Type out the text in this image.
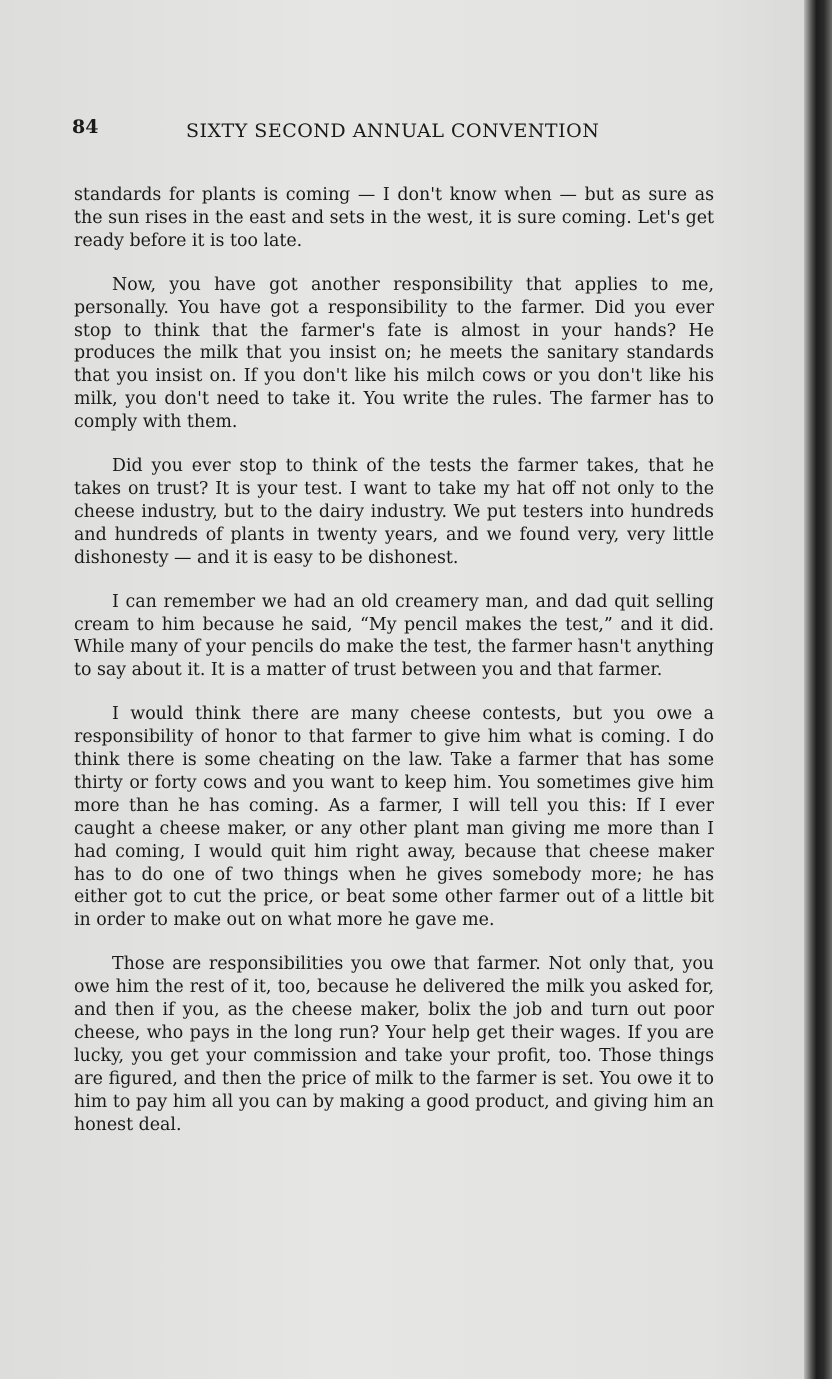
84	SIXTY SECOND ANNUAL CONVENTION

standards for plants is coming — I don't know when — but as sure as the sun rises in the east and sets in the west, it is sure coming. Let's get ready before it is too late.

Now, you have got another responsibility that applies to me, personally. You have got a responsibility to the farmer. Did you ever stop to think that the farmer's fate is almost in your hands? He produces the milk that you insist on; he meets the sanitary standards that you insist on. If you don't like his milch cows or you don't like his milk, you don't need to take it. You write the rules. The farmer has to comply with them.

Did you ever stop to think of the tests the farmer takes, that he takes on trust? It is your test. I want to take my hat off not only to the cheese industry, but to the dairy industry. We put testers into hundreds and hundreds of plants in twenty years, and we found very, very little dishonesty — and it is easy to be dishonest.

I can remember we had an old creamery man, and dad quit selling cream to him because he said, “My pencil makes the test,” and it did. While many of your pencils do make the test, the farmer hasn't anything to say about it. It is a matter of trust between you and that farmer.

I would think there are many cheese contests, but you owe a responsibility of honor to that farmer to give him what is coming. I do think there is some cheating on the law. Take a farmer that has some thirty or forty cows and you want to keep him. You sometimes give him more than he has coming. As a farmer, I will tell you this: If I ever caught a cheese maker, or any other plant man giving me more than I had coming, I would quit him right away, because that cheese maker has to do one of two things when he gives somebody more; he has either got to cut the price, or beat some other farmer out of a little bit in order to make out on what more he gave me.

Those are responsibilities you owe that farmer. Not only that, you owe him the rest of it, too, because he delivered the milk you asked for, and then if you, as the cheese maker, bolix the job and turn out poor cheese, who pays in the long run? Your help get their wages. If you are lucky, you get your commission and take your profit, too. Those things are figured, and then the price of milk to the farmer is set. You owe it to him to pay him all you can by making a good product, and giving him an honest deal.
